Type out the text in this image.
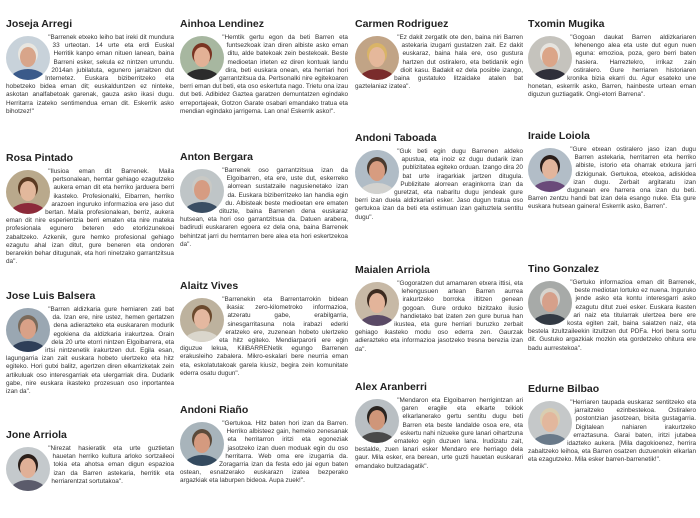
Joseja Arregi

"Barrenek etxeko leiho bat ireki dit mundura 33 urteotan. 14 urte eta erdi Euskal Herritik kanpo eman nituen lanean, baina Barreni esker, sekula ez nintzen urrundu. 2014an jubilatuta, egunero jarraitzen dut Internetez. Euskara biziberritzeko eta hobetzeko bidea eman dit; euskalduntzen ez ninteke, askotan analfabetoak garenak, gauza asko ikasi dugu. Herritarra izateko sentimendua eman dit. Eskerrik asko bihotzez!"

Rosa Pintado

"Ilusioa eman dit Barrenek. Maila pertsonalean, hemtar gehiago ezagutzeko aukera eman dit eta herriko jarduera berri ikasteko. Profesionalki, Eibarren, herriko arazoen inguruko informazioa ere jaso dut bertan. Maila profesionalean, berriz, aukera eman dit nire esperientzia berri ematen eta nire mateka profesionala egunero beteren edo etorkizunekoei zabaltzeko. Azkenik, gure hemko profesional gehiago ezagutu ahal izan ditut, gure beneren eta ondoren berarekin behar ditugunak, eta hori ninetzako garrantzitsua da".

Jose Luis Balsera

"Barren aldizkaria gure hemiaren zati bat da. Izan ere, nire ustez, hemen gertatzen dena adierazteko eta euskararen modurik egokiena da aldizkaria irakurtzea. Orain dela 20 urte etorri nintzen Elgoibarrera, eta irtsi nintzenetik irakurtzen dut. Egila esan, lagungarria izan zait euskara hobeto ulertzeko eta hitz egiteko. Hori gutxi balitz, agertzen diren elkarrizketak zein artikuluak oso interesgarriak eta ulergarriak dira. Dudarik gabe, nire euskara ikasteko prozesuan oso inportantea izan da".

Jone Arriola

"Nirezat hasieratik eta urte guztietan hauetan herriko kultura arloko sortzaileoi tokia eta ahotsa eman digun espazioa izan da Barren astekaria, herritik eta herriarentzat sortutakoa".

Ainhoa Lendinez

"Hemtik gertu egon da beti Barren eta funtsezkoak izan diren albiste asko eman ditu, alde batekoak zein bestekoak. Beste medioetan irteten ez diren kontuak landu dira, beti euskara onean, eta herriari hori garrantzitsua da. Pertsonalki nire egitekoaren berri eman dut beti, eta oso eskertuta nago. Trietu ona izau dut beti. Adibidez Gaztea garatzen demuntatzen egindako erreportajeak, Gotzon Garate osabari emandako tratua eta mendian egindako jarrigema. Lan ona! Eskerrik asko!".

Anton Bergara

"Barrenek oso garrantzitsua izan da Elgoibarren, eta ere, uste dut, eskerreko alorrean sustatzaile nagusienetako izan da. Euskara biziberritzeko lan handia egin du. Albisteak beste medioetan ere ematen dituzte, baina Barrenen dena euskaraz hutsean, eta hori oso garrantzitsua da. Datuen arabera, badirudi euskararen egoera ez dela ona, baina Barrenek behintzat jarri du hemtarren bere alea eta hori eskertzekoa da".

Alaitz Vives

"Barrenekin eta Barrentarrokin bidean ikasia: zero-kilometroko informazioa, atzeratu gabe, erabilgarria, sinesgarritasuna nola irabazi ederki eratzeko ere, zuzenean hobeto ulertzeko eta hitz egiteko. Mendiarparorii ere egin diguzue lekua, KiliBARRENetik egungo Barrenen erakusleiho zabalera. Mikro-eskalari bere neurria eman eta, eskolatutakoak garela kiusiz, begira zein komunitate ederra osatu dugun".

Andoni Riaño

"Gertukoa. Hitz baten hori izan da Barren. Herriko albisteez gain, hemeko zenesanak eta herritarron iritzi eta egoneziak jasotzeko izan duen moduak egin du oso herritarra. Web oma ere izugarria da. Zoragarria izan da festa edo jai egun baten ostean, esnatzerako euskarazn izatea bezperako argazkiak eta laburpen bideoa. Aupa zuek!".

Carmen Rodriguez

"Ez dakit zergatik ote den, baina niri Barren astekaria izugarri gustatzen zait. Ez dakit euskaraz, baina hala ere, oso gustura hartzen dut ostiralero, eta betidanik egin dioit kasu. Badakit ez dela posible izango, baina gustatuko litzaidake atalen bat gaztelaniaz izatea".

Andoni Taboada

"Guk beti egin dugu Barrenen aldeko apustua, eta inoiz ez dugu dudarik izan publizitatea egiteko orduan. Izango dira 20 bat urte iragarkiak jartzen ditugula. Publizitate alorrean eraginkorra izan da guretzat, eta nabaritu dugu jendeak gure berri izan duela aldizkariari esker. Jaso dugun tratua oso gertukoa izan da beti eta estimuan izan gaituztela sentitu dugu".

Maialen Arriola

"Gogoratzen dut amamaren etxera ittisi, eta lehengusuen artean Barren aurrea irakurtzeko borroka iltitzen genean gogoan. Gure orduko bizitzako ilusio handietako bat izaten zen gure buruа han ikustea, eta gure herriari buruzko zerbait gehiago ikasteko modu oso ederra zen. Gaurzak adierazteko eta informazioa jasotzeko tresna bereziа izan da".

Alex Aranberri

"Mendaron eta Elgoibarren herrigintzan ari garen eragile eta elkarte txikiok elkarlanerako gertu sentitu dugu beti Barren eta beste landalde osoa ere, eta eskertu nahi nizueke gure lanari oihartzuna emateko egin duzuen lana. Irudizatu zait, bestalde, zuen lanari esker Mendaro ere herriago dela gaur. Mila esker, era berean, urte guzti hauetan euskarari emandako bultzadagatik".

Txomin Mugika

"Gogoan daukat Barren aldizkariaren lehenengo alea eta uste dut egun nuen eguna: emozioa, poza, gero berri baten hasiera. Harreztekro, irrikaz zain ostiralero. Gure herriaren historiaren kronika bizia ekarri du. Agur esateko une honetan, eskerrik asko, Barren, hainbeste urtean eman diguzun guztiagatik. Ongi-etorri Barrena".

Iraide Loiola

"Gure etxean ostiralero jaso izan dugu Barren astekaria, herritarren eta herriko albiste, istorio eta oharrak etxkura jarri dizkigunak. Gertukoa, etxekoa, adiskidea izan dugu. Zerbait argitaratu izan dugunean ere harrera ona izan du beti. Barren zentzu handi bat izan dela esango nuke. Eta gure euskara hutsean gainera! Eskerrik asko, Barren".

Tino Gonzalez

"Gertuko informazioa eman dit Barrenek, beste mediotan lortuko ez nuena. Inguruko jende asko eta kontu interesgarri asko ezagutu ditut zuei esker. Euskara ikasten ari naiz eta titularrak ulertzea bere ere kosta egiten zait, baina saiatzen naiz, eta bestela itzultzaileekin itzultzen dut PDFa. Hori bera sortu dit. Gustuko argazkiak mozkin eta gordetzeko ohitura ere badu aurrestekoa".

Edurne Bilbao

"Herriaren taupada euskaraz sentitzeko eta jarraitzeko ezinbestekoa. Ostiralero postontzian jasotzean, bisita gustagarria. Digitalean nahiaren irakurtzeko erraztasuna. Garai baten, iritzi jutabea idazteko aukera. [Mila dagokioenez, herrira zabaltzeko leihoa, eta Barren osatzen duzuenokin elkarlan eta ezagutzeko. Mila esker barren-barrenetik!".
